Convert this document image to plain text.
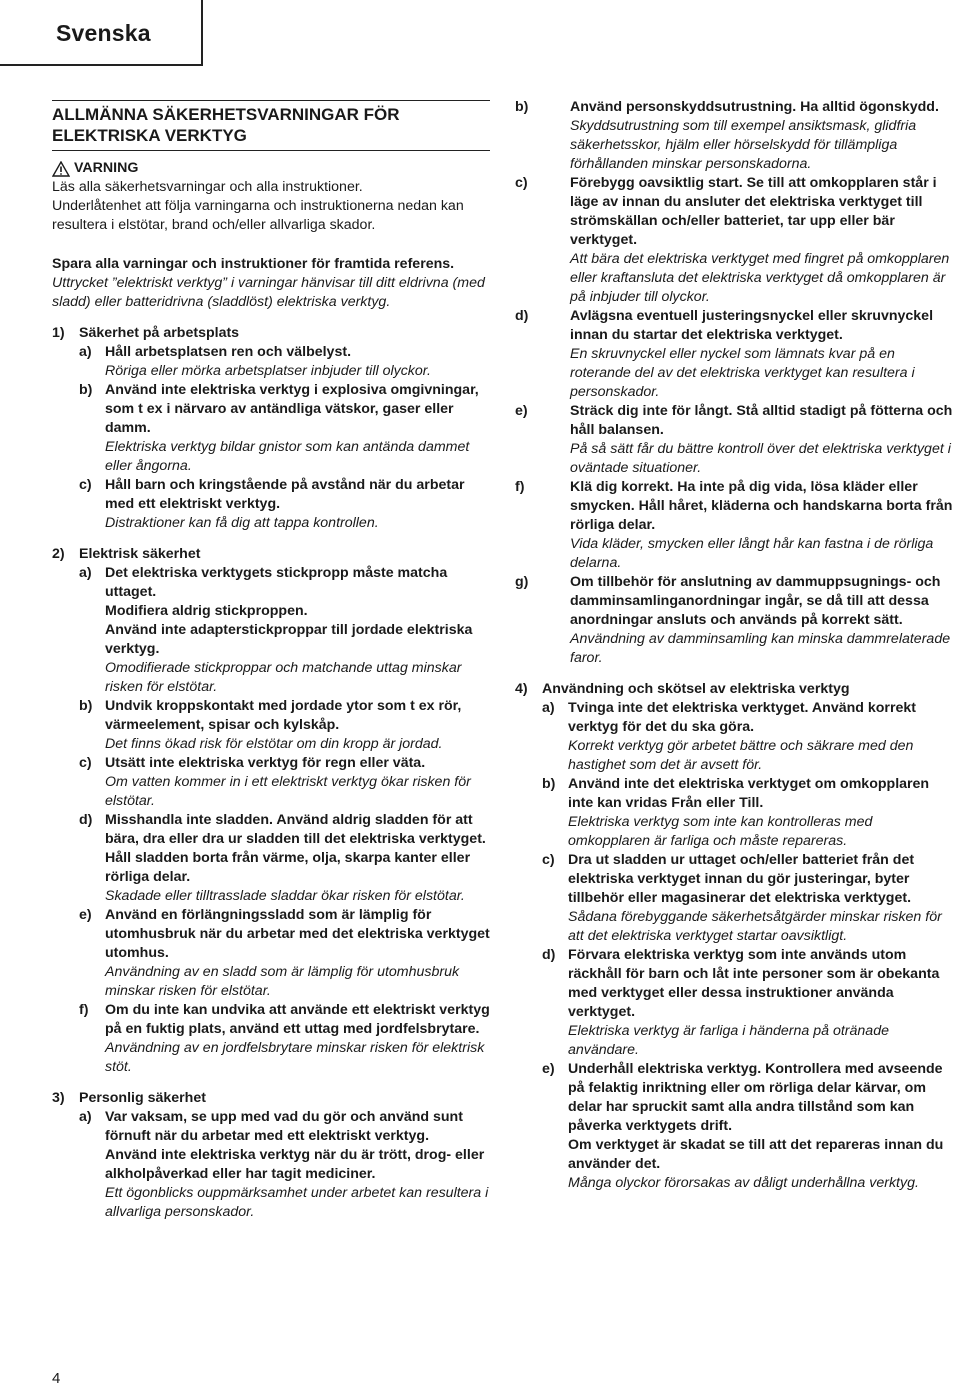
Svenska
ALLMÄNNA SÄKERHETSVARNINGAR FÖR
ELEKTRISKA VERKTYG
VARNING

Läs alla säkerhetsvarningar och alla instruktioner.

Underlåtenhet att följa varningarna och instruktionerna nedan kan resultera i elstötar, brand och/eller allvarliga skador.

Spara alla varningar och instruktioner för framtida referens.

Uttrycket ”elektriskt verktyg” i varningar hänvisar till ditt eldrivna (med sladd) eller batteridrivna (sladdlöst) elektriska verktyg.

1)	Säkerhet på arbetsplats
a) Håll arbetsplatsen ren och välbelyst.

Röriga eller mörka arbetsplatser inbjuder till olyckor.

b) Använd inte elektriska verktyg i explosiva omgivningar, som t ex i närvaro av antändliga vätskor, gaser eller damm.

Elektriska verktyg bildar gnistor som kan antända dammet eller ångorna.

c) Håll barn och kringstående på avstånd när du arbetar med ett elektriskt verktyg.

Distraktioner kan få dig att tappa kontrollen.

2)	Elektrisk säkerhet
a) Det elektriska verktygets stickpropp måste matcha uttaget.

Modifiera aldrig stickproppen.

Använd inte adapterstickproppar till jordade elektriska verktyg.

Omodifierade stickproppar och matchande uttag minskar risken för elstötar.

b) Undvik kroppskontakt med jordade ytor som t ex rör, värmeelement, spisar och kylskåp.

Det finns ökad risk för elstötar om din kropp är jordad.

c) Utsätt inte elektriska verktyg för regn eller väta.

Om vatten kommer in i ett elektriskt verktyg ökar risken för elstötar.

d) Misshandla inte sladden. Använd aldrig sladden för att bära, dra eller dra ur sladden till det elektriska verktyget.

Håll sladden borta från värme, olja, skarpa kanter eller rörliga delar.

Skadade eller tilltrasslade sladdar ökar risken för elstötar.

e) Använd en förlängningssladd som är lämplig för utomhusbruk när du arbetar med det elektriska verktyget utomhus.

Användning av en sladd som är lämplig för utomhusbruk minskar risken för elstötar.

f)	Om du inte kan undvika att använde ett elektriskt verktyg på en fuktig plats, använd ett uttag med jordfelsbrytare.

Användning av en jordfelsbrytare minskar risken för elektrisk stöt.

3)	Personlig säkerhet
a) Var vaksam, se upp med vad du gör och använd sunt förnuft när du arbetar med ett elektriskt verktyg.

Använd inte elektriska verktyg när du är trött, drog- eller alkholpåverkad eller har tagit mediciner.

Ett ögonblicks ouppmärksamhet under arbetet kan resultera i allvarliga personskador.

b)	Använd personskyddsutrustning. Ha alltid ögonskydd.

Skyddsutrustning som till exempel ansiktsmask, glidfria säkerhetsskor, hjälm eller hörselskydd för tillämpliga förhållanden minskar personskadorna.

c)	Förebygg oavsiktlig start. Se till att omkopplaren står i läge av innan du ansluter det elektriska verktyget till strömskällan och/eller batteriet, tar upp eller bär verktyget.

Att bära det elektriska verktyget med fingret på omkopplaren eller kraftansluta det elektriska verktyget då omkopplaren är på inbjuder till olyckor.

d)	Avlägsna eventuell justeringsnyckel eller skruvnyckel innan du startar det elektriska verktyget.

En skruvnyckel eller nyckel som lämnats kvar på en roterande del av det elektriska verktyget kan resultera i personskador.

e)	Sträck dig inte för långt. Stå alltid stadigt på fötterna och håll balansen.

På så sätt får du bättre kontroll över det elektriska verktyget i oväntade situationer.

f)	Klä dig korrekt. Ha inte på dig vida, lösa kläder eller smycken. Håll håret, kläderna och handskarna borta från rörliga delar.

Vida kläder, smycken eller långt hår kan fastna i de rörliga delarna.

g)	Om tillbehör för anslutning av dammuppsugnings- och damminsamlinganordningar ingår, se då till att dessa anordningar ansluts och används på korrekt sätt.

Användning av damminsamling kan minska dammrelaterade faror.

4)	Användning och skötsel av elektriska verktyg
a) Tvinga inte det elektriska verktyget. Använd korrekt verktyg för det du ska göra.

Korrekt verktyg gör arbetet bättre och säkrare med den hastighet som det är avsett för.

b) Använd inte det elektriska verktyget om omkopplaren inte kan vridas Från eller Till.

Elektriska verktyg som inte kan kontrolleras med omkopplaren är farliga och måste repareras.

c) Dra ut sladden ur uttaget och/eller batteriet från det elektriska verktyget innan du gör justeringar, byter tillbehör eller magasinerar det elektriska verktyget.

Sådana förebyggande säkerhetsåtgärder minskar risken för att det elektriska verktyget startar oavsiktligt.

d) Förvara elektriska verktyg som inte används utom räckhåll för barn och låt inte personer som är obekanta med verktyget eller dessa instruktioner använda verktyget.

Elektriska verktyg är farliga i händerna på otränade användare.

e) Underhåll elektriska verktyg. Kontrollera med avseende på felaktig inriktning eller om rörliga delar kärvar, om delar har spruckit samt alla andra tillstånd som kan påverka verktygets drift.

Om verktyget är skadat se till att det repareras innan du använder det.

Många olyckor förorsakas av dåligt underhållna verktyg.

4
